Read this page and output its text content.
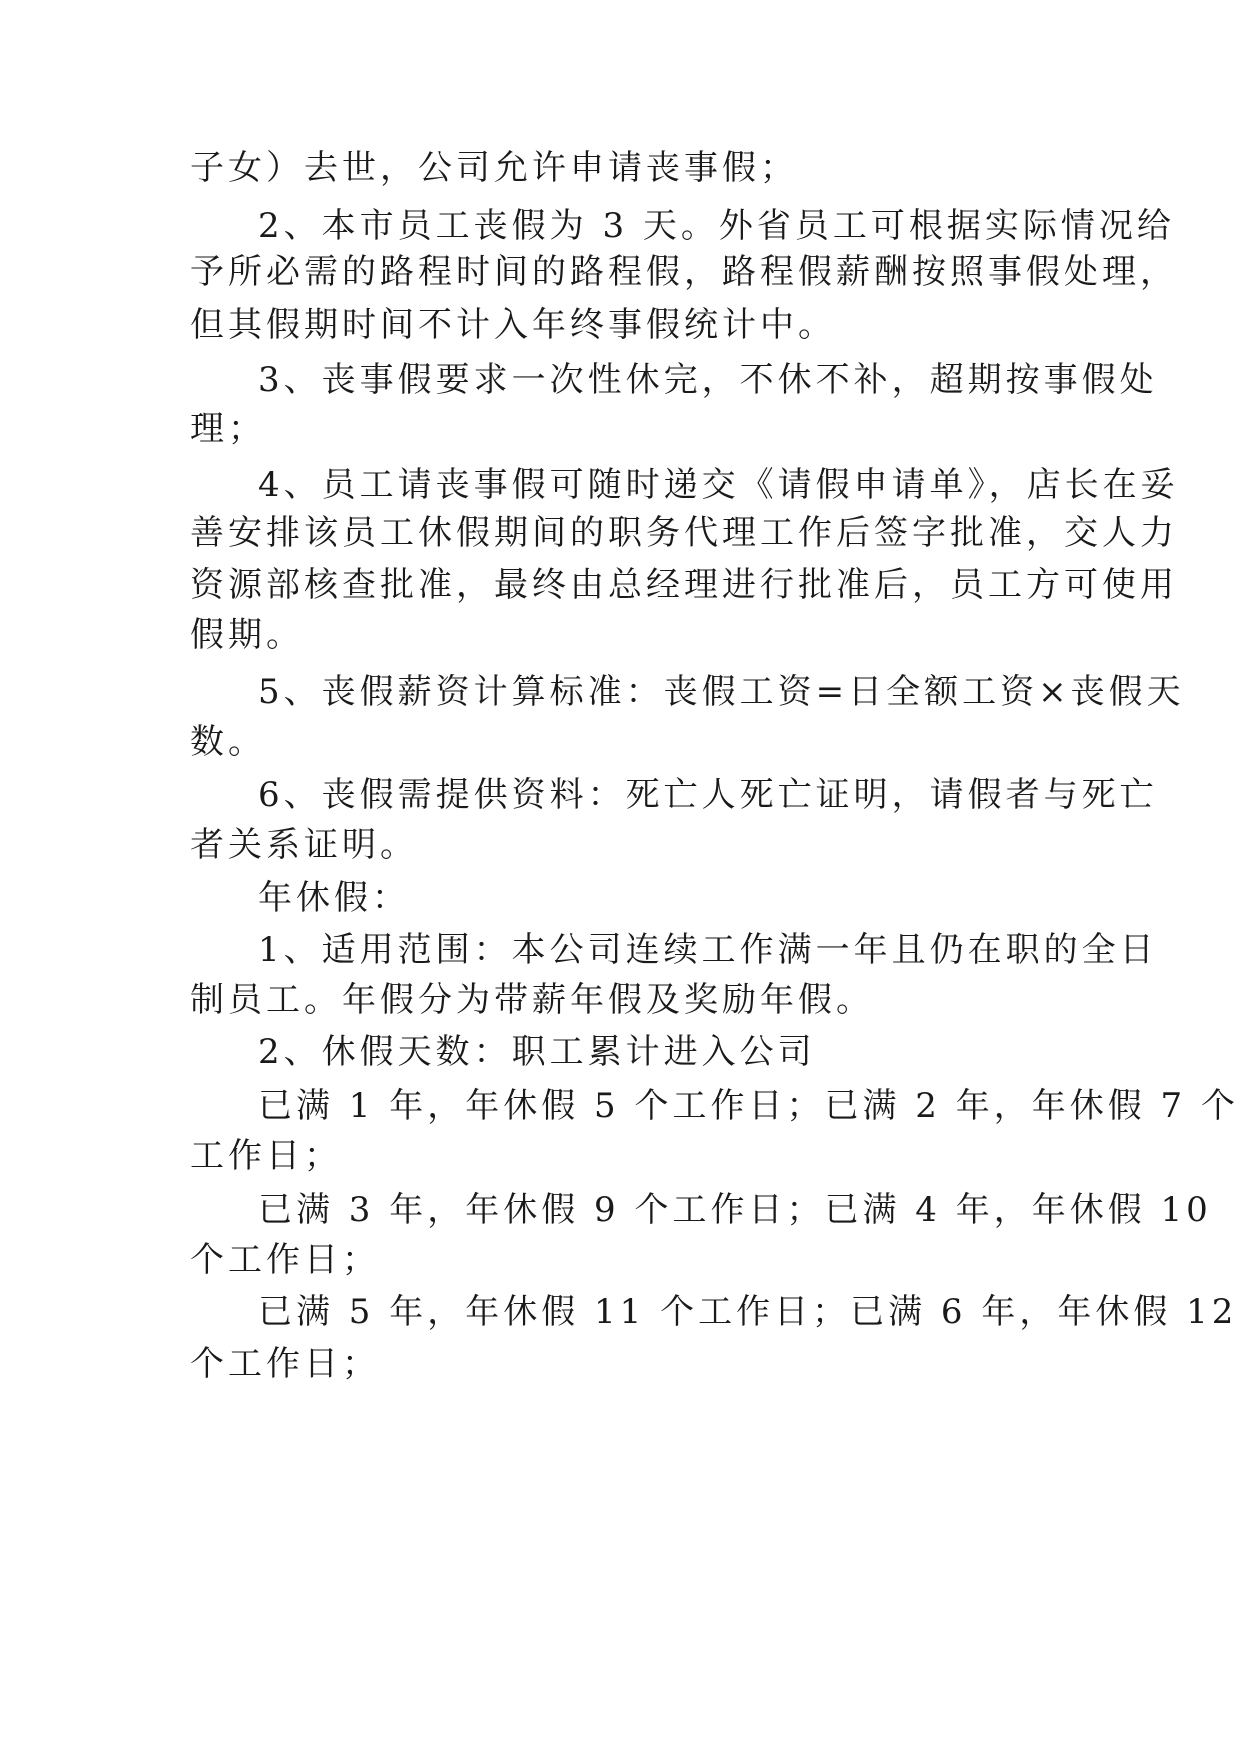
子女）去世，公司允许申请丧事假；
2、本市员工丧假为 3 天。外省员工可根据实际情况给
予所必需的路程时间的路程假，路程假薪酬按照事假处理，
但其假期时间不计入年终事假统计中。
3、丧事假要求一次性休完，不休不补，超期按事假处
理；
4、员工请丧事假可随时递交《请假申请单》，店长在妥
善安排该员工休假期间的职务代理工作后签字批准，交人力
资源部核查批准，最终由总经理进行批准后，员工方可使用
假期。
5、丧假薪资计算标准：丧假工资=日全额工资×丧假天
数。
6、丧假需提供资料：死亡人死亡证明，请假者与死亡
者关系证明。
年休假：
1、适用范围：本公司连续工作满一年且仍在职的全日
制员工。年假分为带薪年假及奖励年假。
2、休假天数：职工累计进入公司
已满 1 年，年休假 5 个工作日；已满 2 年，年休假 7 个
工作日；
已满 3 年，年休假 9 个工作日；已满 4 年，年休假 10
个工作日；
已满 5 年，年休假 11 个工作日；已满 6 年，年休假 12
个工作日；
